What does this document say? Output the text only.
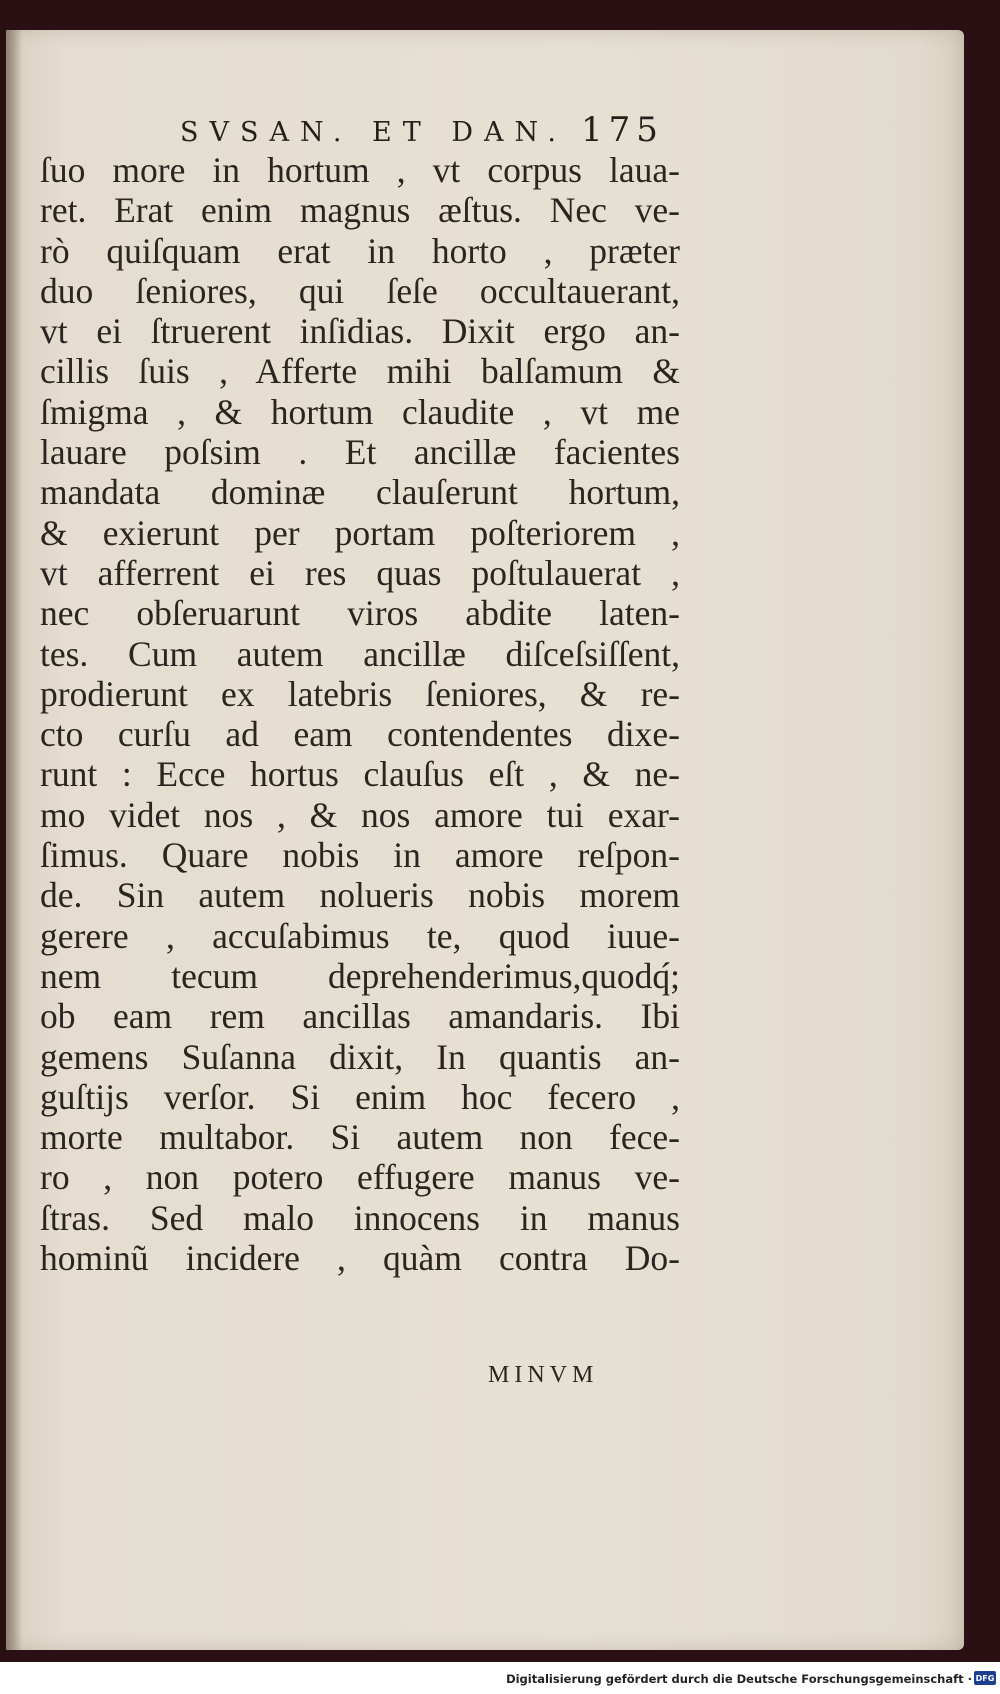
SVSAN. ET DAN. 175
ſuo more in hortum , vt corpus laua-
ret. Erat enim magnus æſtus. Nec ve-
rò quiſquam erat in horto , præter
duo ſeniores, qui ſeſe occultauerant,
vt ei ſtruerent inſidias. Dixit ergo an-
cillis ſuis , Afferte mihi balſamum &
ſmigma , & hortum claudite , vt me
lauare poſsim . Et ancillæ facientes
mandata dominæ clauſerunt hortum,
& exierunt per portam poſteriorem ,
vt afferrent ei res quas poſtulauerat ,
nec obſeruarunt viros abdite laten-
tes. Cum autem ancillæ diſceſsiſſent,
prodierunt ex latebris ſeniores, & re-
cto curſu ad eam contendentes dixe-
runt : Ecce hortus clauſus eſt , & ne-
mo videt nos , & nos amore tui exar-
ſimus. Quare nobis in amore reſpon-
de. Sin autem nolueris nobis morem
gerere , accuſabimus te, quod iuue-
nem tecum deprehenderimus,quodq́;
ob eam rem ancillas amandaris. Ibi
gemens Suſanna dixit, In quantis an-
guſtijs verſor. Si enim hoc fecero ,
morte multabor. Si autem non fece-
ro , non potero effugere manus ve-
ſtras. Sed malo innocens in manus
hominũ incidere , quàm contra Do-
MINVM
Digitalisierung gefördert durch die Deutsche Forschungsgemeinschaft · DFG
